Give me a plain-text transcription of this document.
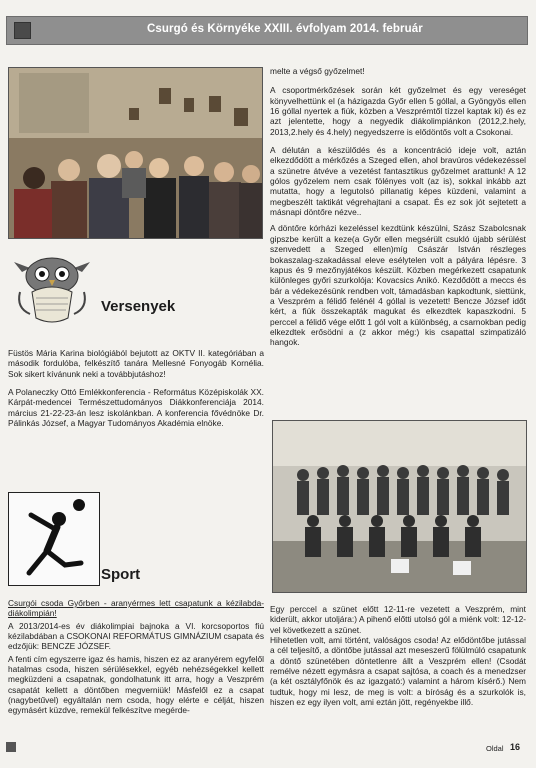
Csurgó és Környéke XXIII. évfolyam 2014. február
Versenyek

Füstös Mária Karina biológiából bejutott az OKTV II. kategóriában a második fordulóba, felkészítő tanára Mellesné Fonyogáb Kornélia. Sok sikert kívánunk neki a továbbjutáshoz!

A Polaneczky Ottó Emlékkonferencia - Református Középiskolák XX. Kárpát-medencei Természettudományos Diákkonferenciája 2014. március 21-22-23-án lesz iskolánkban. A konferencia fővédnöke Dr. Pálinkás József, a Magyar Tudományos Akadémia elnöke.

Sport

Csurgói csoda Győrben - aranyérmes lett csapatunk a kézilabda-diákolimpián!

A 2013/2014-es év diákolimpiai bajnoka a VI. korcsoportos fiú kézilabdában a CSOKONAI REFORMÁTUS GIMNÁZIUM csapata és edzőjük: BENCZE JÓZSEF.

A fenti cím egyszerre igaz és hamis, hiszen ez az aranyérem egyfelől hatalmas csoda, hiszen sérülésekkel, egyéb nehézségekkel kellett megküzdeni a csapatnak, gondolhatunk itt arra, hogy a Veszprém csapatát kellett a döntőben megverniük! Másfelől ez a csapat (nagybetűvel) egyáltalán nem csoda, hogy elérte e célját, hiszen egymásért küzdve, remekül felkészítve megérde-

melte a végső győzelmet!

A csoportmérkőzések során két győzelmet és egy vereséget könyvelhettünk el (a házigazda Győr ellen 5 góllal, a Gyöngyös ellen 16 góllal nyertek a fiúk, közben a Veszprémtől tízzel kaptak ki) és ez azt jelentette, hogy a negyedik diákolimpiánkon (2012,2.hely, 2013,2.hely és 4.hely) negyedszerre is elődöntős volt a Csokonai.

A délután a készülődés és a koncentráció ideje volt, aztán elkezdődött a mérkőzés a Szeged ellen, ahol bravúros védekezéssel a szünetre átvéve a vezetést fantasztikus győzelmet arattunk! A 12 gólos győzelem nem csak fölényes volt (az is), sokkal inkább azt mutatta, hogy a legutolsó pillanatig képes küzdeni, valamint a megbeszélt taktikát végrehajtani a csapat. És ez sok jót sejtetett a másnapi döntőre nézve..

A döntőre kórházi kezeléssel kezdtünk készülni, Szász Szabolcsnak gipszbe került a keze(a Győr ellen megsérült csukló újabb sérülést szenvedett a Szeged ellen)míg Császár István részleges bokaszalag-szakadással eleve esélytelen volt a pályára lépésre. 3 kapus és 9 mezőnyjátékos készült. Közben megérkezett csapatunk különleges győri szurkolója: Kovacsics Anikó. Kezdődött a meccs és bár a védekezésünk rendben volt, támadásban kapkodtunk, siettünk, a Veszprém a félidő felénél 4 góllal is vezetett! Bencze József időt kért, a fiúk összekapták magukat és elkezdtek kapaszkodni. 5 perccel a félidő vége előtt 1 gól volt a különbség, a csarnokban pedig elkezdtek erősödni a (z akkor még:) kis csapattal szimpatizáló hangok.

Egy perccel a szünet előtt 12-11-re vezetett a Veszprém, mint kiderült, akkor utoljára:) A pihenő előtti utolsó gól a miénk volt: 12-12-vel következett a szünet.

Hihetetlen volt, ami történt, valóságos csoda! Az elődöntőbe jutással a cél teljesítő, a döntőbe jutással azt meseszerű fölülmúló csapatunk a döntő szünetében döntetlenre állt a Veszprém ellen! (Csodát remélve nézett egymásra a csapat sajtósa, a coach és a menedzser (a két osztályfőnök és az igazgató:) valamint a három kísérő.) Nem tudtuk, hogy mi lesz, de meg is volt: a bíróság és a szurkolók is, hiszen ez egy ilyen volt, ami eztán jött, regényekbe illő.

Oldal 16
